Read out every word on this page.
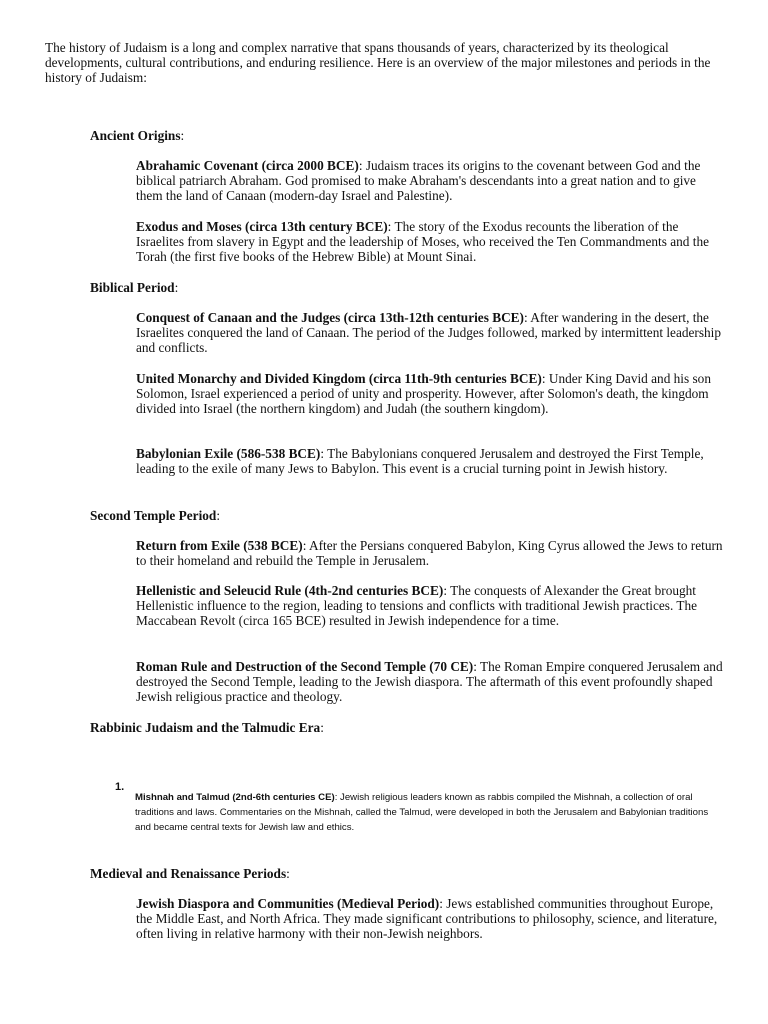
The history of Judaism is a long and complex narrative that spans thousands of years, characterized by its theological developments, cultural contributions, and enduring resilience. Here is an overview of the major milestones and periods in the history of Judaism:

Ancient Origins:

Abrahamic Covenant (circa 2000 BCE): Judaism traces its origins to the covenant between God and the biblical patriarch Abraham. God promised to make Abraham's descendants into a great nation and to give them the land of Canaan (modern-day Israel and Palestine).

Exodus and Moses (circa 13th century BCE): The story of the Exodus recounts the liberation of the Israelites from slavery in Egypt and the leadership of Moses, who received the Ten Commandments and the Torah (the first five books of the Hebrew Bible) at Mount Sinai.

Biblical Period:

Conquest of Canaan and the Judges (circa 13th-12th centuries BCE): After wandering in the desert, the Israelites conquered the land of Canaan. The period of the Judges followed, marked by intermittent leadership and conflicts.

United Monarchy and Divided Kingdom (circa 11th-9th centuries BCE): Under King David and his son Solomon, Israel experienced a period of unity and prosperity. However, after Solomon's death, the kingdom divided into Israel (the northern kingdom) and Judah (the southern kingdom).

Babylonian Exile (586-538 BCE): The Babylonians conquered Jerusalem and destroyed the First Temple, leading to the exile of many Jews to Babylon. This event is a crucial turning point in Jewish history.

Second Temple Period:

Return from Exile (538 BCE): After the Persians conquered Babylon, King Cyrus allowed the Jews to return to their homeland and rebuild the Temple in Jerusalem.

Hellenistic and Seleucid Rule (4th-2nd centuries BCE): The conquests of Alexander the Great brought Hellenistic influence to the region, leading to tensions and conflicts with traditional Jewish practices. The Maccabean Revolt (circa 165 BCE) resulted in Jewish independence for a time.

Roman Rule and Destruction of the Second Temple (70 CE): The Roman Empire conquered Jerusalem and destroyed the Second Temple, leading to the Jewish diaspora. The aftermath of this event profoundly shaped Jewish religious practice and theology.

Rabbinic Judaism and the Talmudic Era:

1.

Mishnah and Talmud (2nd-6th centuries CE): Jewish religious leaders known as rabbis compiled the Mishnah, a collection of oral traditions and laws. Commentaries on the Mishnah, called the Talmud, were developed in both the Jerusalem and Babylonian traditions and became central texts for Jewish law and ethics.

Medieval and Renaissance Periods:

Jewish Diaspora and Communities (Medieval Period): Jews established communities throughout Europe, the Middle East, and North Africa. They made significant contributions to philosophy, science, and literature, often living in relative harmony with their non-Jewish neighbors.
